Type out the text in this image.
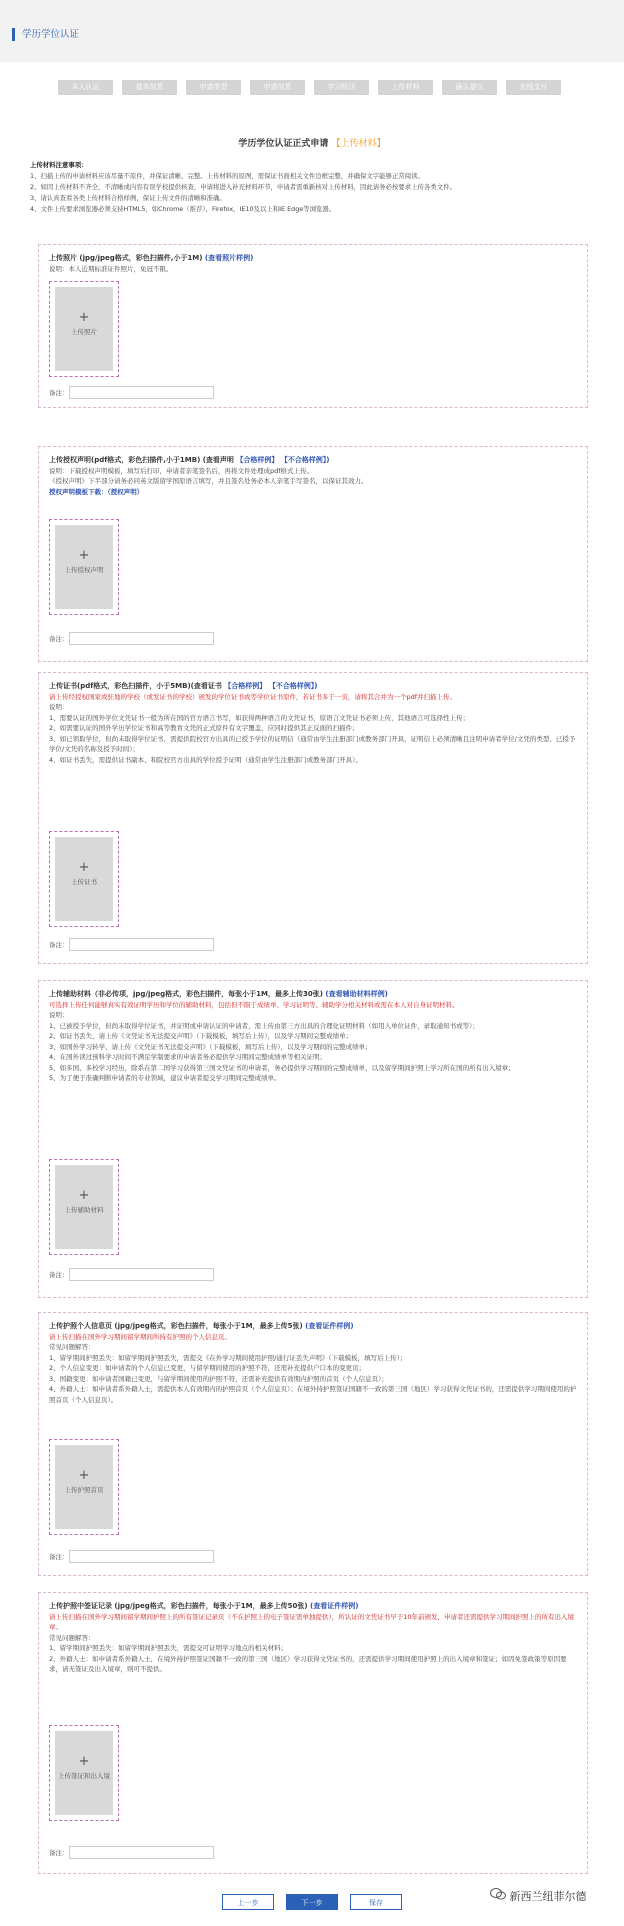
学历学位认证
本人认证	基本信息	申请类型	申请信息	学习经历	上传材料	确认提交	在线支付
学历学位认证正式申请 【上传材料】
上传材料注意事项：
1、扫描上传的申请材料应该尽量不原件，并保证清晰、完整。上传材料的原图，需保证书面相关文件边框完整，并确保文字能够正常阅读。
2、如因上传材料不齐全，不清晰或内容有误学校提供核查，申请将进入补充材料环节，申请者需重新核对上传材料，因此请务必按要求上传各类文件。
3、请认真查看各类上传材料合格样例，保证上传文件的清晰和准确。
4、文件上传要求浏览器必须支持HTML5，如Chrome（推荐），Firefox，IE10及以上和IE Edge等浏览器。
上传照片 (jpg/jpeg格式，彩色扫描件,小于1M) (查看照片样例)
说明：本人近期标准证件照片，免冠不限。
+
上传照片
备注：
上传授权声明(pdf格式，彩色扫描件,小于1MB) (查看声明 【合格样例】 【不合格样例】)
说明：下载授权声明模板，填写后打印，申请者亲笔签名后，再将文件处理成pdf格式上传。
《授权声明》下半部分请务必同英文版留学国原语言填写，并且签名处务必本人亲笔手写签名，以保证其效力。
授权声明模板下载：（授权声明）
+
上传授权声明
备注：
上传证书(pdf格式，彩色扫描件，小于5MB)(查看证书 【合格样例】 【不合格样例】)
请上传经授权国家或驻地的学校（或发证书的学校）颁发的学位证书或等学位证书原件，若证书多于一页，请将其合并为一个pdf并扫描上传。
说明：
1、需要认证的国外学位文凭证书一般为所在国的官方语言书写，如获得两种语言的文凭证书，原语言文凭证书必须上传，其他语言可选择性上传；
2、如需要认证的国外学历学位证书和高等教育文凭的正式原件有文字覆盖，应同时提供其正反面的扫描件；
3、如已领取学位，但尚未取得学位证书，需提供院校官方出具的已授予学位的证明信（通常由学生注册部门或教务部门开具，证明信上必须清晰且注明申请者学位/文凭的类型、已授予学位/文凭的名称及授予时间）；
4、如证书丢失，需提供证书副本、和院校官方出具的学位授予证明（通常由学生注册部门或教务部门开具）。
+
上传证书
备注：
上传辅助材料（非必传项，jpg/jpeg格式，彩色扫描件，每张小于1M，最多上传30张) (查看辅助材料样例)
可选择上传任何能够真实有效证明学历和学位的辅助材料，包括但不限于成绩单、学习证明等。辅助学分相关材料或需在本人对自身证明材料。
说明：
1、已被授予学位，但尚未取得学位证书，并证明或申请认证的申请者，需上传由第三方出具的合理化证明材料（如用人单位证件，录取通知书或等）；
2、如证书丢失，请上传《文凭证书无法提交声明》（下载模板，填写后上传），以及学习期间完整成绩单；
3、如国外学习转学、请上传《文凭证书无法提交声明》（下载模板，填写后上传），以及学习期间的完整成绩单；
4、在国外读过预科学习时间不满足学制要求的申请者务必提供学习期间完整成绩单等相关证明；
5、如多国、多校学习经历，除系在第二国学习获得第三国文凭证书的申请者，务必提供学习期间的完整成绩单，以及留学期间护照上学习所在国的所有出入境章；
5、为了便于准确判断申请者的专业领域，建议申请者提交学习期间完整成绩单。
+
上传辅助材料
备注：
上传护照个人信息页 (jpg/jpeg格式，彩色扫描件，每张小于1M，最多上传5张) (查看证件样例)
请上传扫描在国外学习期间留学期间所持有护照的个人信息页。
常见问题解答：
1、留学期间护照丢失：如留学期间护照丢失，需提交《在外学习期间使用护照/通行证丢失声明》（下载模板，填写后上传）；
2、个人信息变更：如申请者的个人信息已变更，与留学期间使用的护照不符，还需补充提供户口本的变更页；
3、国籍变更：如申请者国籍已变更，与留学期间使用的护照不符，还需补充提供有效期内护照的首页（个人信息页）；
4、外籍人士：如申请者系外籍人士，需提供本人有效期内的护照首页（个人信息页）；在境外持护照签证国籍不一致的第三国（地区）学习获得文凭证书的，还需提供学习期间使用的护照首页（个人信息页）。
+
上传护照首页
备注：
上传护照中签证记录 (jpg/jpeg格式，彩色扫描件，每张小于1M，最多上传50张) (查看证件样例)
请上传扫描在国外学习期间留学期间护照上的所有签证记录页（不在护照上的电子签证需单独提供），所认证的文凭证书早于10年前颁发，申请者还需提供学习期间护照上的所有出入境章。
常见问题解答：
1、留学期间护照丢失：如留学期间护照丢失，需提交可证明学习地点的相关材料；
2、外籍人士：如申请者系外籍人士，在境外持护照签证国籍不一致的第三国（地区）学习获得文凭证书的，还需提供学习期间使用护照上的出入境章和签证；如因免签政策等原因要求，请无签证及出入境章，则可不提供。
+
上传签证和出入境
备注：
上一步	下一步	保存	新西兰纽菲尔德
